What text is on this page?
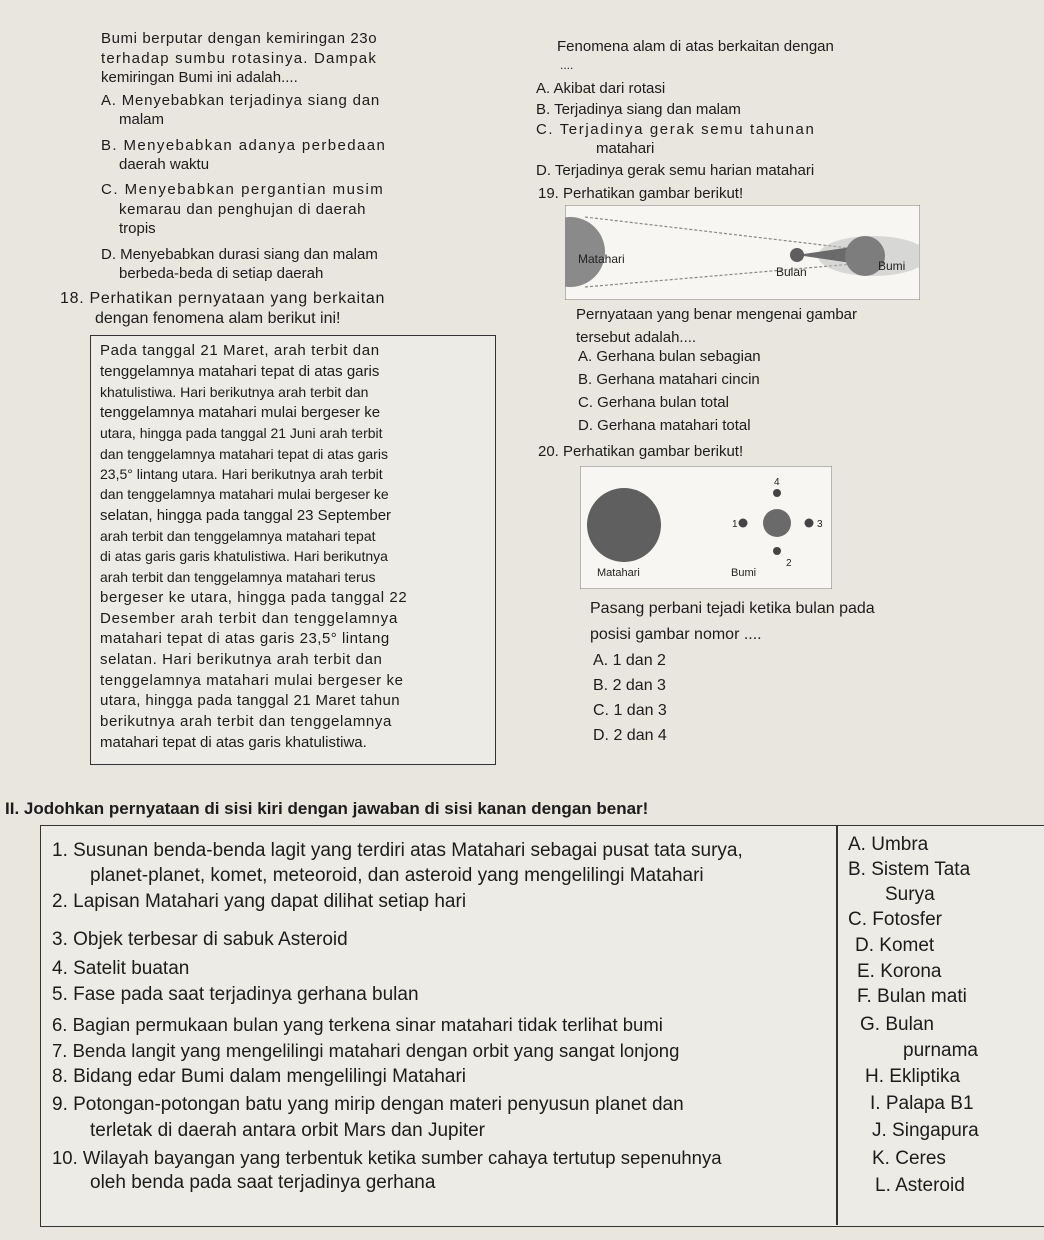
Bumi berputar dengan kemiringan 23o
terhadap sumbu rotasinya. Dampak
kemiringan Bumi ini adalah....
A. Menyebabkan terjadinya siang dan
malam
B. Menyebabkan adanya perbedaan
daerah waktu
C. Menyebabkan pergantian musim
kemarau dan penghujan di daerah
tropis
D. Menyebabkan durasi siang dan malam
berbeda-beda di setiap daerah
18. Perhatikan pernyataan yang berkaitan
dengan fenomena alam berikut ini!
Pada tanggal 21 Maret, arah terbit dan
tenggelamnya matahari tepat di atas garis
khatulistiwa. Hari berikutnya arah terbit dan
tenggelamnya matahari mulai bergeser ke
utara, hingga pada tanggal 21 Juni arah terbit
dan tenggelamnya matahari tepat di atas garis
23,5° lintang utara. Hari berikutnya arah terbit
dan tenggelamnya matahari mulai bergeser ke
selatan, hingga pada tanggal 23 September
arah terbit dan tenggelamnya matahari tepat
di atas garis garis khatulistiwa. Hari berikutnya
arah terbit dan tenggelamnya matahari terus
bergeser ke utara, hingga pada tanggal 22
Desember arah terbit dan tenggelamnya
matahari tepat di atas garis 23,5° lintang
selatan. Hari berikutnya arah terbit dan
tenggelamnya matahari mulai bergeser ke
utara, hingga pada tanggal 21 Maret tahun
berikutnya arah terbit dan tenggelamnya
matahari tepat di atas garis khatulistiwa.
Fenomena alam di atas berkaitan dengan
....
A. Akibat dari rotasi
B. Terjadinya siang dan malam
C. Terjadinya gerak semu tahunan
matahari
D. Terjadinya gerak semu harian matahari
19. Perhatikan gambar berikut!
Matahari
Bulan	Bumi
Pernyataan yang benar mengenai gambar
tersebut adalah....
A. Gerhana bulan sebagian
B. Gerhana matahari cincin
C. Gerhana bulan total
D. Gerhana matahari total
20. Perhatikan gambar berikut!
1	3
4
2
Matahari	Bumi
Pasang perbani tejadi ketika bulan pada
posisi gambar nomor ....
A. 1 dan 2
B. 2 dan 3
C. 1 dan 3
D. 2 dan 4
II. Jodohkan pernyataan di sisi kiri dengan jawaban di sisi kanan dengan benar!
1. Susunan benda-benda lagit yang terdiri atas Matahari sebagai pusat tata surya,
planet-planet, komet, meteoroid, dan asteroid yang mengelilingi Matahari
2. Lapisan Matahari yang dapat dilihat setiap hari
3. Objek terbesar di sabuk Asteroid
4. Satelit buatan
5. Fase pada saat terjadinya gerhana bulan
6. Bagian permukaan bulan yang terkena sinar matahari tidak terlihat bumi
7. Benda langit yang mengelilingi matahari dengan orbit yang sangat lonjong
8. Bidang edar Bumi dalam mengelilingi Matahari
9. Potongan-potongan batu yang mirip dengan materi penyusun planet dan
terletak di daerah antara orbit Mars dan Jupiter
10. Wilayah bayangan yang terbentuk ketika sumber cahaya tertutup sepenuhnya
oleh benda pada saat terjadinya gerhana
A. Umbra
B. Sistem Tata
Surya
C. Fotosfer
D. Komet
E. Korona
F. Bulan mati
G. Bulan
purnama
H. Ekliptika
I. Palapa B1
J. Singapura
K. Ceres
L. Asteroid
